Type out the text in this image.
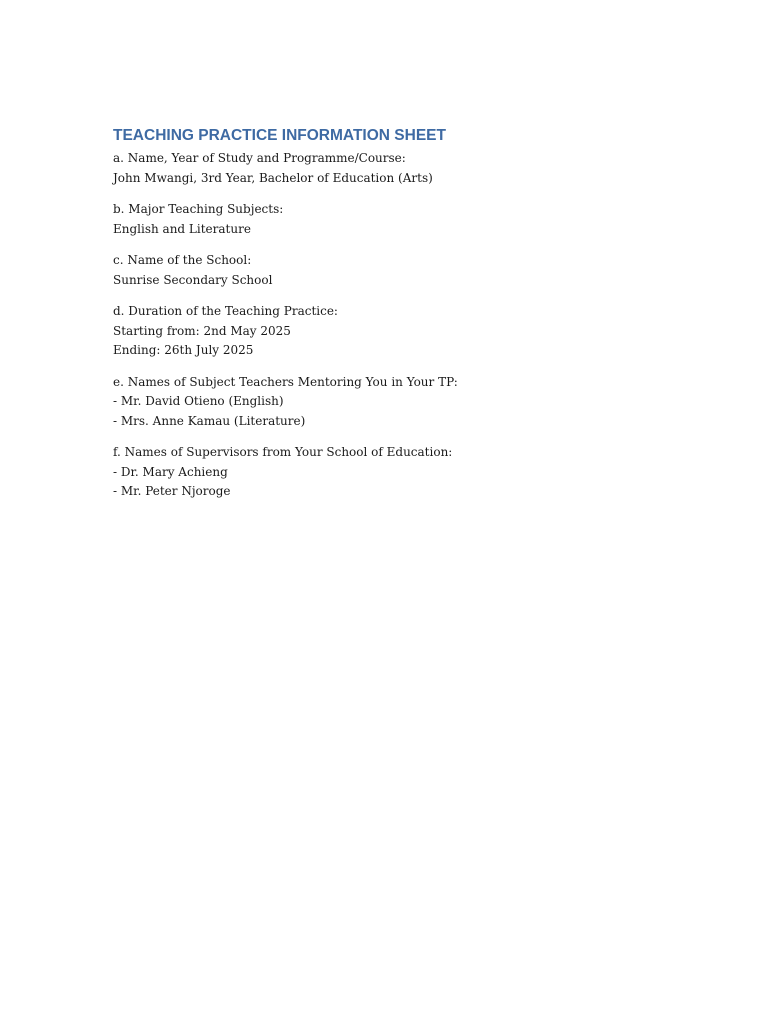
TEACHING PRACTICE INFORMATION SHEET
a. Name, Year of Study and Programme/Course:
John Mwangi, 3rd Year, Bachelor of Education (Arts)
b. Major Teaching Subjects:
English and Literature
c. Name of the School:
Sunrise Secondary School
d. Duration of the Teaching Practice:
Starting from: 2nd May 2025
Ending: 26th July 2025
e. Names of Subject Teachers Mentoring You in Your TP:
- Mr. David Otieno (English)
- Mrs. Anne Kamau (Literature)
f. Names of Supervisors from Your School of Education:
- Dr. Mary Achieng
- Mr. Peter Njoroge
